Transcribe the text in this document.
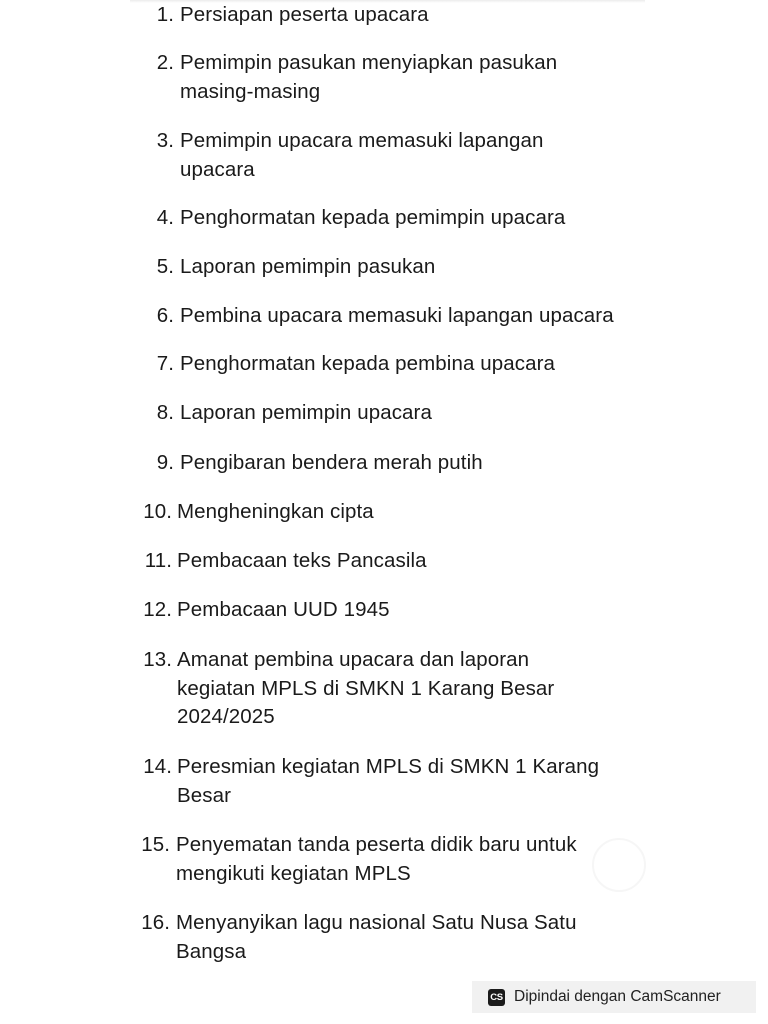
1. Persiapan peserta upacara
2. Pemimpin pasukan menyiapkan pasukan
masing-masing
3. Pemimpin upacara memasuki lapangan
upacara
4. Penghormatan kepada pemimpin upacara
5. Laporan pemimpin pasukan
6. Pembina upacara memasuki lapangan upacara
7. Penghormatan kepada pembina upacara
8. Laporan pemimpin upacara
9. Pengibaran bendera merah putih
10. Mengheningkan cipta
11. Pembacaan teks Pancasila
12. Pembacaan UUD 1945
13. Amanat pembina upacara dan laporan
kegiatan MPLS di SMKN 1 Karang Besar
2024/2025
14. Peresmian kegiatan MPLS di SMKN 1 Karang
Besar
15. Penyematan tanda peserta didik baru untuk
mengikuti kegiatan MPLS
16. Menyanyikan lagu nasional Satu Nusa Satu
Bangsa
CS Dipindai dengan CamScanner
